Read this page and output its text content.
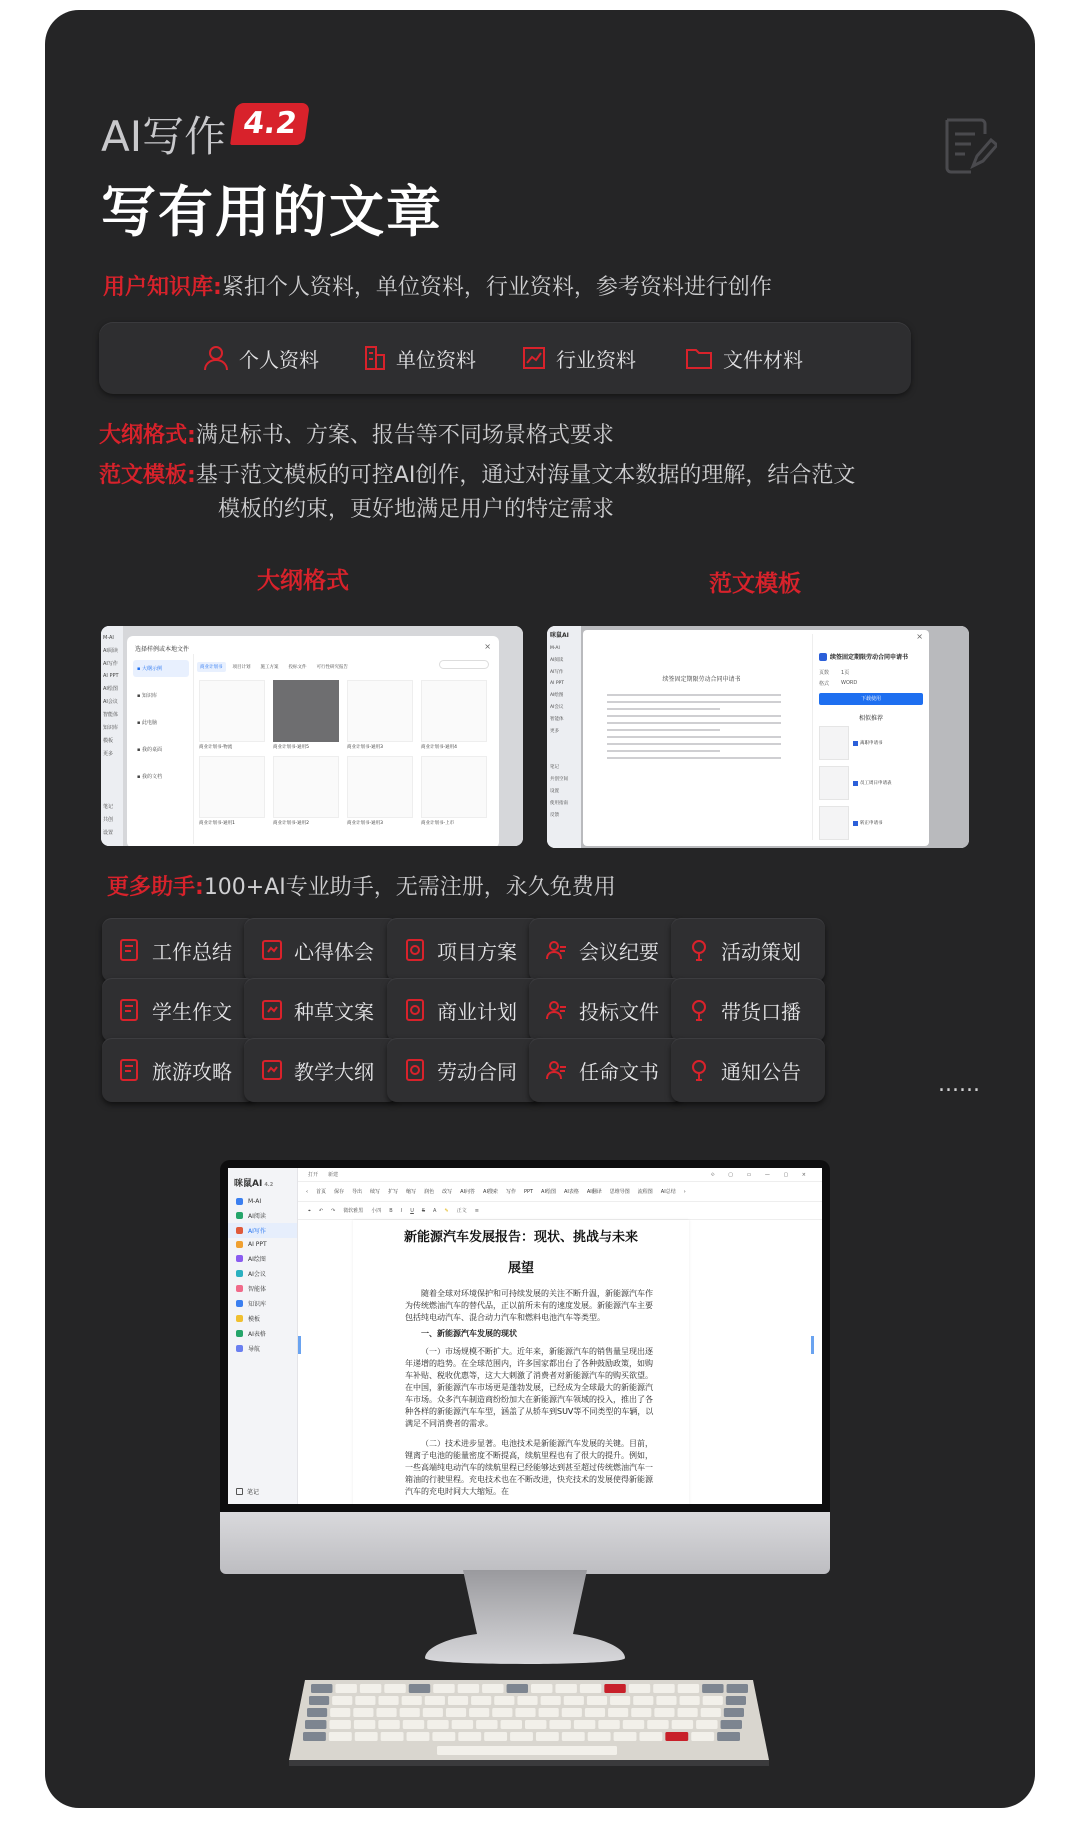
AI写作 4.2
写有用的文章
用户知识库:紧扣个人资料，单位资料，行业资料，参考资料进行创作
个人资料	单位资料	行业资料	文件材料
大纲格式:满足标书、方案、报告等不同场景格式要求
范文模板:基于范文模板的可控AI创作，通过对海量文本数据的理解，结合范文
模板的约束，更好地满足用户的特定需求
大纲格式	范文模板
M-AI
AI阅读
AI写作
AI PPT
AI绘图
AI会议
智能体
知识库
模板
更多
笔记
共创
设置
选择样例或本地文件	×
▪ 大纲示例
▪ 知识库
▪ 此电脑
▪ 我的桌面
▪ 我的文档
商业计划书	项目计划	施工方案	投标文件	可行性研究报告
商业计划书-物流	商业计划书-通用5	商业计划书-通用3	商业计划书-通用4
商业计划书-通用1	商业计划书-通用2	商业计划书-通用3	商业计划书-上市
咪鼠AI
M-AI
AI阅读
AI写作
AI PPT
AI绘图
AI会议
智能体
更多
笔记
共创空间
设置
使用指南
反馈
×
续签固定期限劳动合同申请书
续签固定期限劳动合同申请书
页数 1页
格式 WORD
下载使用
相似推荐
离职申请书
员工周日申请表
转正申请书
更多助手:100+AI专业助手，无需注册，永久免费用
工作总结	心得体会	项目方案	会议纪要	活动策划
学生作文	种草文案	商业计划	投标文件	带货口播
旅游攻略	教学大纲	劳动合同	任命文书	通知公告
......
咪鼠AI 4.2
M-AI
AI阅读
AI写作
AI PPT
AI绘图
AI会议
智能体
知识库
模板
AI表格
导航
笔记
打开 新建	⟐ ▢ ▭ — ▢ ×
‹ 首页 保存 导出 续写 扩写 缩写 润色 改写 AI问答 AI搜索 写作 PPT AI绘图 AI表格 AI翻译 思维导图 流程图 AI总结 ›
⌖ ↶ ↷ 微软雅黑 小四 B I U S A ✎ 正文 ≡
新能源汽车发展报告：现状、挑战与未来
展望
随着全球对环境保护和可持续发展的关注不断升温，新能源汽车作为传统燃油汽车的替代品，正以前所未有的速度发展。新能源汽车主要包括纯电动汽车、混合动力汽车和燃料电池汽车等类型。
一、新能源汽车发展的现状
（一）市场规模不断扩大。近年来，新能源汽车的销售量呈现出逐年递增的趋势。在全球范围内，许多国家都出台了各种鼓励政策，如购车补贴、税收优惠等，这大大刺激了消费者对新能源汽车的购买欲望。在中国，新能源汽车市场更是蓬勃发展，已经成为全球最大的新能源汽车市场。众多汽车制造商纷纷加大在新能源汽车领域的投入，推出了各种各样的新能源汽车车型，涵盖了从轿车到SUV等不同类型的车辆，以满足不同消费者的需求。
（二）技术进步显著。电池技术是新能源汽车发展的关键。目前，锂离子电池的能量密度不断提高，续航里程也有了很大的提升。例如，一些高端纯电动汽车的续航里程已经能够达到甚至超过传统燃油汽车一箱油的行驶里程。充电技术也在不断改进，快充技术的发展使得新能源汽车的充电时间大大缩短。在
